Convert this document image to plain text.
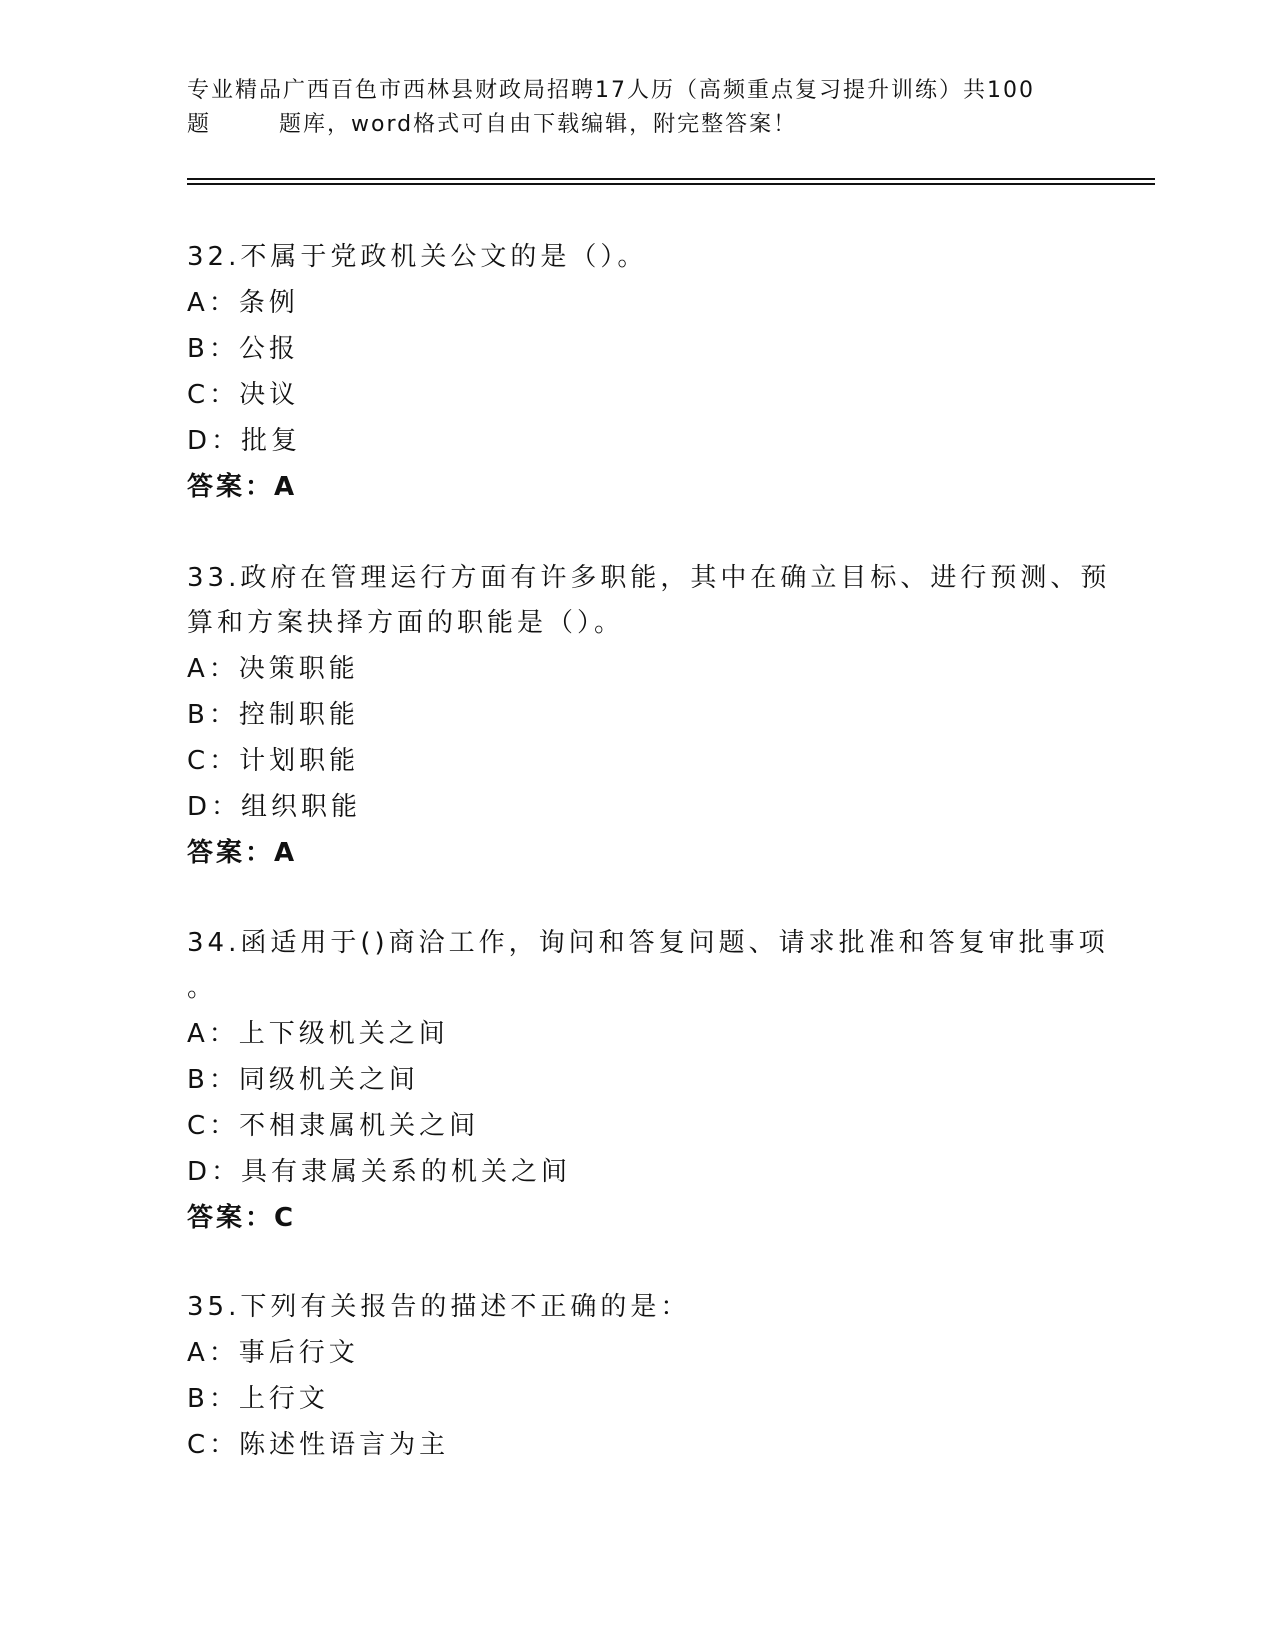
专业精品广西百色市西林县财政局招聘17人历（高频重点复习提升训练）共100
题	题库，word格式可自由下载编辑，附完整答案！
32.不属于党政机关公文的是（）。
A：条例
B：公报
C：决议
D：批复
答案：A
33.政府在管理运行方面有许多职能，其中在确立目标、进行预测、预
算和方案抉择方面的职能是（）。
A：决策职能
B：控制职能
C：计划职能
D：组织职能
答案：A
34.函适用于()商洽工作，询问和答复问题、请求批准和答复审批事项
。
A：上下级机关之间
B：同级机关之间
C：不相隶属机关之间
D：具有隶属关系的机关之间
答案：C
35.下列有关报告的描述不正确的是：
A：事后行文
B：上行文
C：陈述性语言为主
